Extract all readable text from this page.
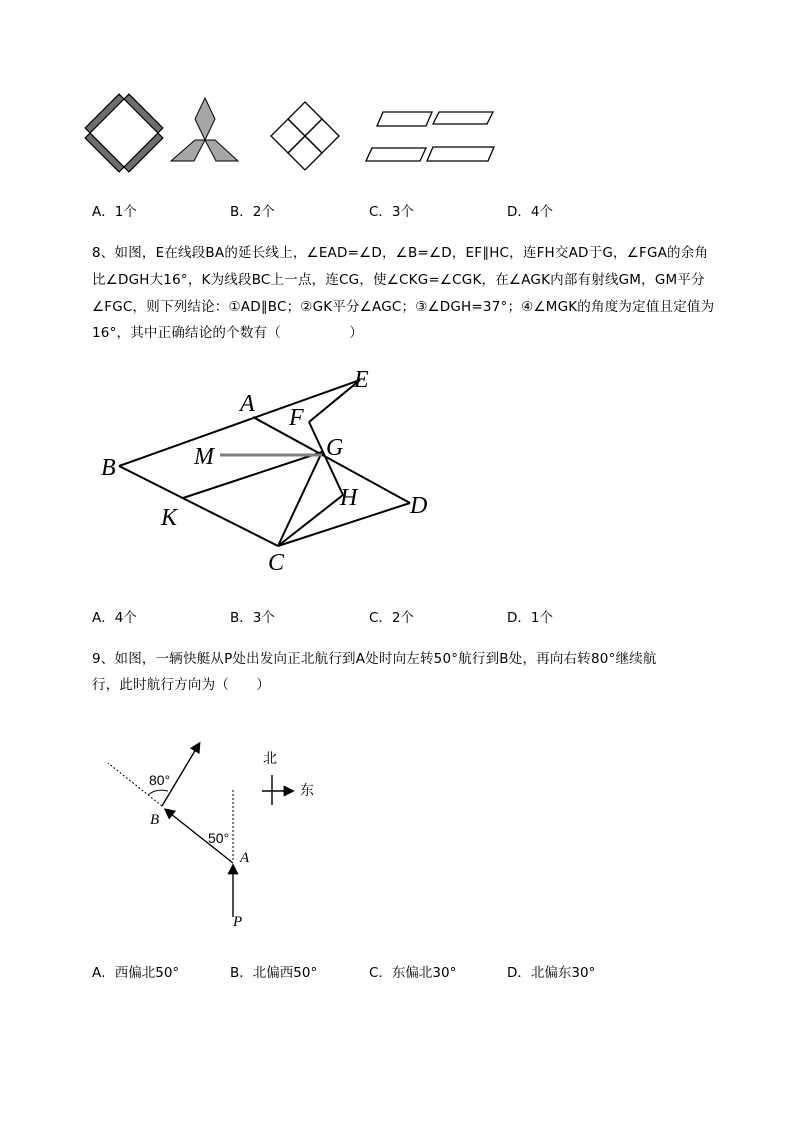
A．1个	B．2个	C．3个	D．4个
8、如图，E在线段BA的延长线上，∠EAD=∠D，∠B=∠D，EF∥HC，连FH交AD于G，∠FGA的余角
比∠DGH大16°，K为线段BC上一点，连CG，使∠CKG=∠CGK，在∠AGK内部有射线GM，GM平分
∠FGC，则下列结论：①AD∥BC；②GK平分∠AGC；③∠DGH=37°；④∠MGK的角度为定值且定值为
16°，其中正确结论的个数有（　　　　　）
E
A
F
G
B	M
H D
K
C
A．4个	B．3个	C．2个	D．1个
9、如图，一辆快艇从P处出发向正北航行到A处时向左转50°航行到B处，再向右转80°继续航
行，此时航行方向为（　　）
80°
50°
B
A
P
北
东
A．西偏北50°	B．北偏西50°	C．东偏北30°	D．北偏东30°
